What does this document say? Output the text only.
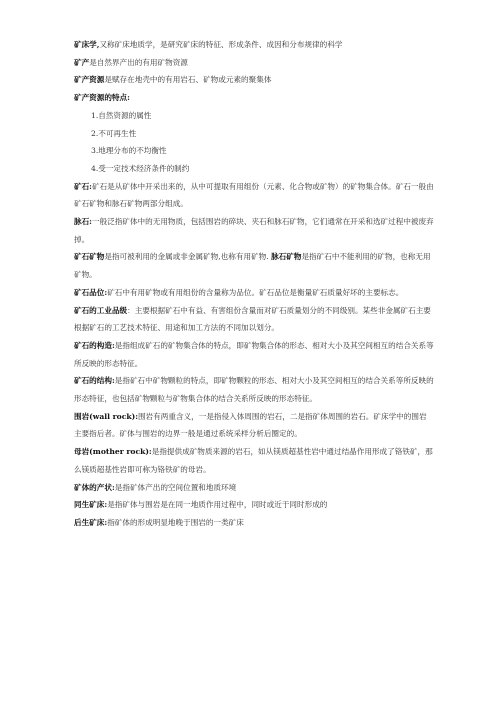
矿床学,又称矿床地质学，是研究矿床的特征、形成条件、成因和分布规律的科学

矿产是自然界产出的有用矿物资源

矿产资源是赋存在地壳中的有用岩石、矿物或元素的聚集体

矿产资源的特点:

1.自然资源的属性

2.不可再生性

3.地理分布的不均衡性

4.受一定技术经济条件的制约

矿石:矿石是从矿体中开采出来的，从中可提取有用组份（元素、化合物或矿物）的矿物集合体。矿石一般由矿石矿物和脉石矿物两部分组成。

脉石:一般泛指矿体中的无用物质，包括围岩的碎块、夹石和脉石矿物，它们通常在开采和选矿过程中被废弃掉。

矿石矿物是指可被利用的金属或非金属矿物,也称有用矿物. 脉石矿物是指矿石中不能利用的矿物，也称无用矿物。

矿石品位:矿石中有用矿物或有用组份的含量称为品位。矿石品位是衡量矿石质量好坏的主要标志。

矿石的工业品级：主要根据矿石中有益、有害组份含量而对矿石质量划分的不同级别。某些非金属矿石主要根据矿石的工艺技术特征、用途和加工方法的不同加以划分。

矿石的构造:是指组成矿石的矿物集合体的特点，即矿物集合体的形态、相对大小及其空间相互的结合关系等所反映的形态特征。

矿石的结构:是指矿石中矿物颗粒的特点，即矿物颗粒的形态、相对大小及其空间相互的结合关系等所反映的形态特征，也包括矿物颗粒与矿物集合体的结合关系所反映的形态特征。

围岩(wall rock):围岩有两重含义，一是指侵入体周围的岩石，二是指矿体周围的岩石。矿床学中的围岩主要指后者。矿体与围岩的边界一般是通过系统采样分析后圈定的。

母岩(mother rock):是指提供成矿物质来源的岩石，如从镁质超基性岩中通过结晶作用形成了铬铁矿，那么镁质超基性岩即可称为铬铁矿的母岩。

矿体的产状:是指矿体产出的空间位置和地质环境

同生矿床:是指矿体与围岩是在同一地质作用过程中，同时或近于同时形成的

后生矿床:指矿体的形成明显地晚于围岩的一类矿床
